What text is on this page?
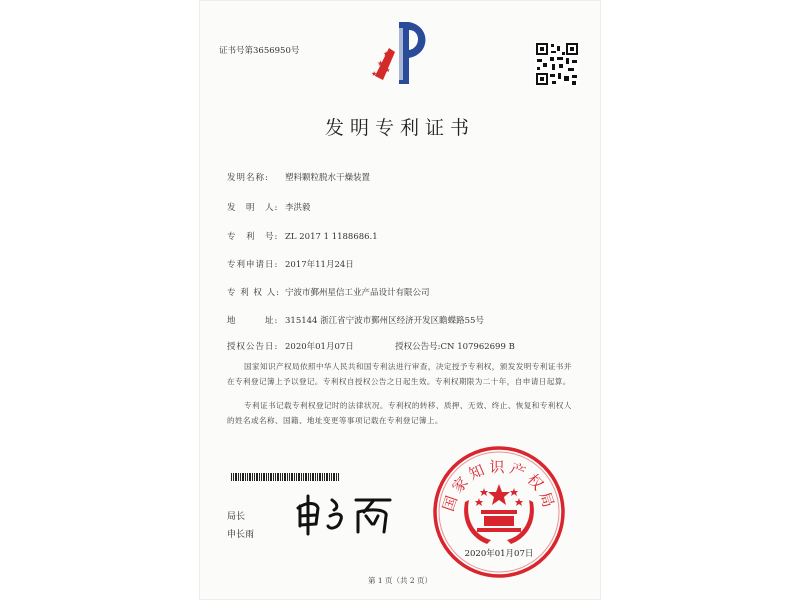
证书号第3656950号
★
★
★
★
发明专利证书
发明名称: 塑料颗粒脱水干燥装置
发　明　人: 李洪毅
专　利　号: ZL 2017 1 1188686.1
专利申请日: 2017年11月24日
专 利 权 人: 宁波市鄞州星信工业产品设计有限公司
地　　　址: 315144 浙江省宁波市鄞州区经济开发区瞻蝶路55号
授权公告日: 2020年01月07日	授权公告号:CN 107962699 B
国家知识产权局依照中华人民共和国专利法进行审查，决定授予专利权，颁发发明专利证书并在专利登记簿上予以登记。专利权自授权公告之日起生效。专利权期限为二十年，自申请日起算。
专利证书记载专利权登记时的法律状况。专利权的转移、质押、无效、终止、恢复和专利权人的姓名或名称、国籍、地址变更等事项记载在专利登记簿上。
局长
申长雨
国家知识产权局
2020年01月07日
第 1 页（共 2 页）
